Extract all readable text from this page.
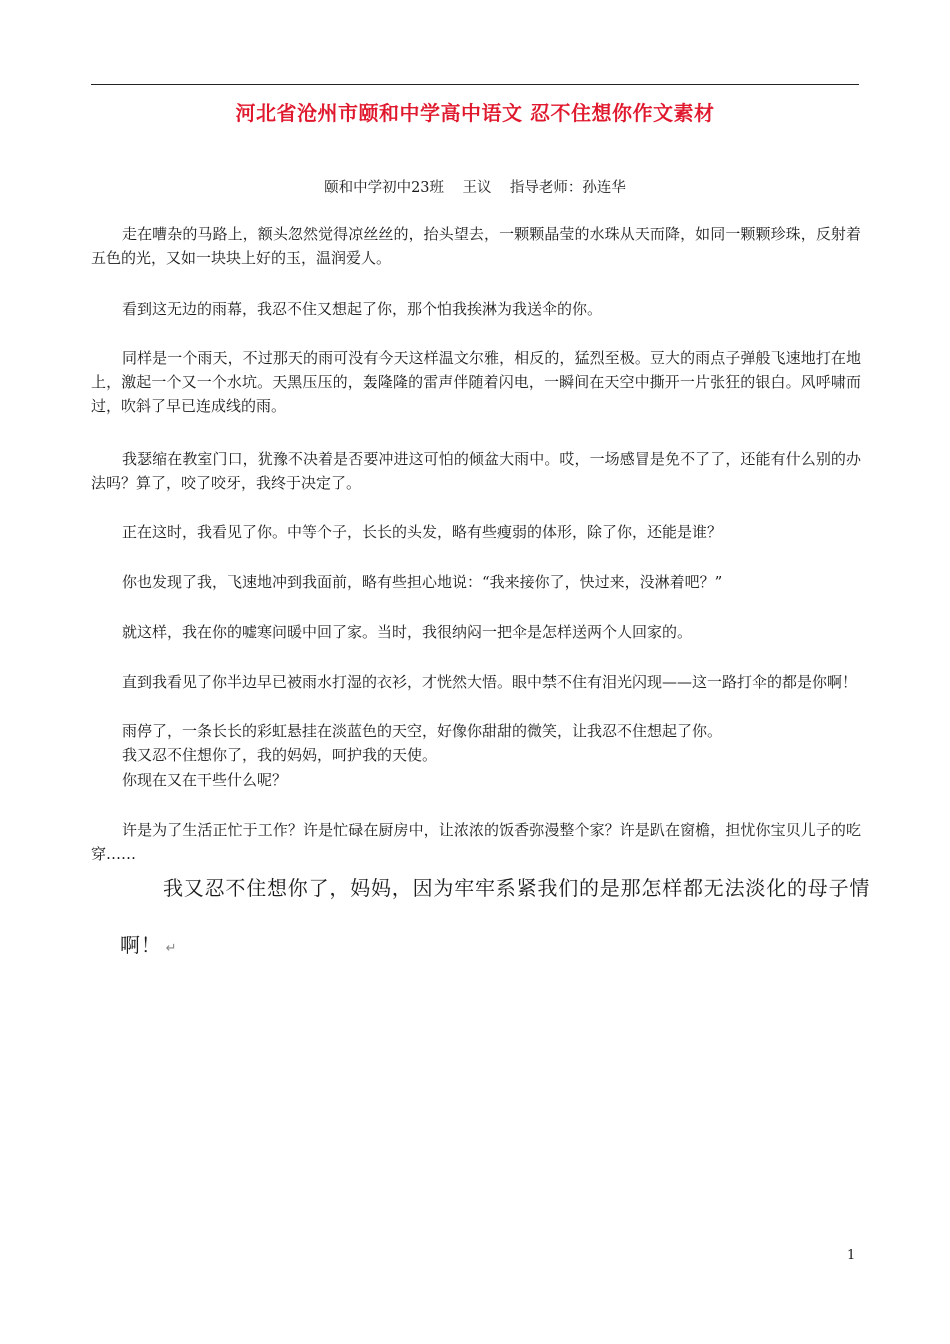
河北省沧州市颐和中学高中语文 忍不住想你作文素材
颐和中学初中23班    王议    指导老师：孙连华

走在嘈杂的马路上，额头忽然觉得凉丝丝的，抬头望去，一颗颗晶莹的水珠从天而降，如同一颗颗珍珠，反射着五色的光，又如一块块上好的玉，温润爱人。

看到这无边的雨幕，我忍不住又想起了你，那个怕我挨淋为我送伞的你。

同样是一个雨天，不过那天的雨可没有今天这样温文尔雅，相反的，猛烈至极。豆大的雨点子弹般飞速地打在地上，激起一个又一个水坑。天黑压压的，轰隆隆的雷声伴随着闪电，一瞬间在天空中撕开一片张狂的银白。风呼啸而过，吹斜了早已连成线的雨。

我瑟缩在教室门口，犹豫不决着是否要冲进这可怕的倾盆大雨中。哎，一场感冒是免不了了，还能有什么别的办法吗？算了，咬了咬牙，我终于决定了。

正在这时，我看见了你。中等个子，长长的头发，略有些瘦弱的体形，除了你，还能是谁？

你也发现了我，飞速地冲到我面前，略有些担心地说：“我来接你了，快过来，没淋着吧？”

就这样，我在你的嘘寒问暖中回了家。当时，我很纳闷一把伞是怎样送两个人回家的。

直到我看见了你半边早已被雨水打湿的衣衫，才恍然大悟。眼中禁不住有泪光闪现——这一路打伞的都是你啊！

雨停了，一条长长的彩虹悬挂在淡蓝色的天空，好像你甜甜的微笑，让我忍不住想起了你。

我又忍不住想你了，我的妈妈，呵护我的天使。

你现在又在干些什么呢？

许是为了生活正忙于工作？许是忙碌在厨房中，让浓浓的饭香弥漫整个家？许是趴在窗檐，担忧你宝贝儿子的吃穿……

我又忍不住想你了，妈妈，因为牢牢系紧我们的是那怎样都无法淡化的母子情啊！ ↵

1
